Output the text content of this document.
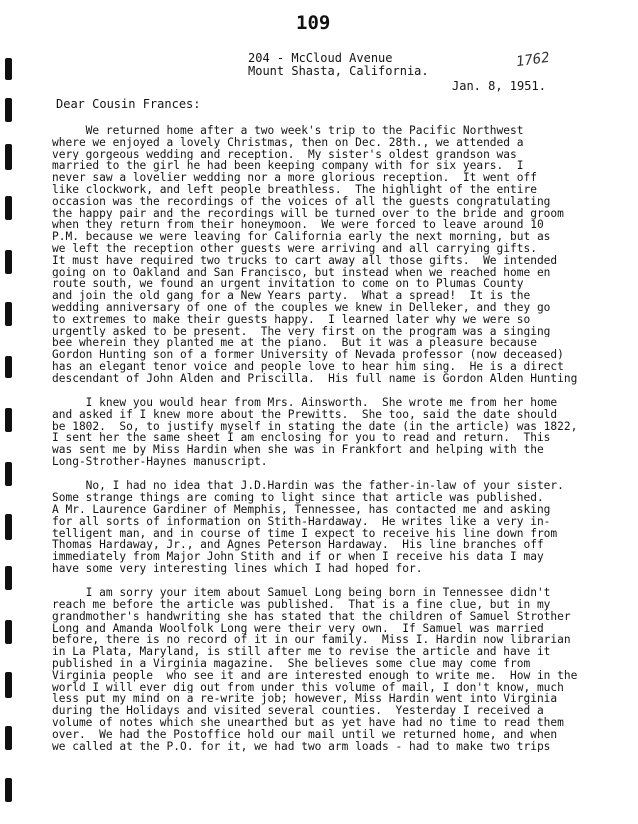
109
204 - McCloud Avenue
Mount Shasta, California.
1762
Jan. 8, 1951.
Dear Cousin Frances:
We returned home after a two week's trip to the Pacific Northwest
where we enjoyed a lovely Christmas, then on Dec. 28th., we attended a
very gorgeous wedding and reception.  My sister's oldest grandson was
married to the girl he had been keeping company with for six years.  I
never saw a lovelier wedding nor a more glorious reception.  It went off
like clockwork, and left people breathless.  The highlight of the entire
occasion was the recordings of the voices of all the guests congratulating
the happy pair and the recordings will be turned over to the bride and groom
when they return from their honeymoon.  We were forced to leave around 10
P.M. because we were leaving for California early the next morning, but as
we left the reception other guests were arriving and all carrying gifts.
It must have required two trucks to cart away all those gifts.  We intended
going on to Oakland and San Francisco, but instead when we reached home en
route south, we found an urgent invitation to come on to Plumas County
and join the old gang for a New Years party.  What a spread!  It is the
wedding anniversary of one of the couples we knew in Delleker, and they go
to extremes to make their guests happy.  I learned later why we were so
urgently asked to be present.  The very first on the program was a singing
bee wherein they planted me at the piano.  But it was a pleasure because
Gordon Hunting son of a former University of Nevada professor (now deceased)
has an elegant tenor voice and people love to hear him sing.  He is a direct
descendant of John Alden and Priscilla.  His full name is Gordon Alden Hunting
I knew you would hear from Mrs. Ainsworth.  She wrote me from her home
and asked if I knew more about the Prewitts.  She too, said the date should
be 1802.  So, to justify myself in stating the date (in the article) was 1822,
I sent her the same sheet I am enclosing for you to read and return.  This
was sent me by Miss Hardin when she was in Frankfort and helping with the
Long-Strother-Haynes manuscript.
No, I had no idea that J.D.Hardin was the father-in-law of your sister.
Some strange things are coming to light since that article was published.
A Mr. Laurence Gardiner of Memphis, Tennessee, has contacted me and asking
for all sorts of information on Stith-Hardaway.  He writes like a very in-
telligent man, and in course of time I expect to receive his line down from
Thomas Hardaway, Jr., and Agnes Peterson Hardaway.  His line branches off
immediately from Major John Stith and if or when I receive his data I may
have some very interesting lines which I had hoped for.
I am sorry your item about Samuel Long being born in Tennessee didn't
reach me before the article was published.  That is a fine clue, but in my
grandmother's handwriting she has stated that the children of Samuel Strother
Long and Amanda Woolfolk Long were their very own.  If Samuel was married
before, there is no record of it in our family.  Miss I. Hardin now librarian
in La Plata, Maryland, is still after me to revise the article and have it
published in a Virginia magazine.  She believes some clue may come from
Virginia people  who see it and are interested enough to write me.  How in the
world I will ever dig out from under this volume of mail, I don't know, much
less put my mind on a re-write job; however, Miss Hardin went into Virginia
during the Holidays and visited several counties.  Yesterday I received a
volume of notes which she unearthed but as yet have had no time to read them
over.  We had the Postoffice hold our mail until we returned home, and when
we called at the P.O. for it, we had two arm loads - had to make two trips
